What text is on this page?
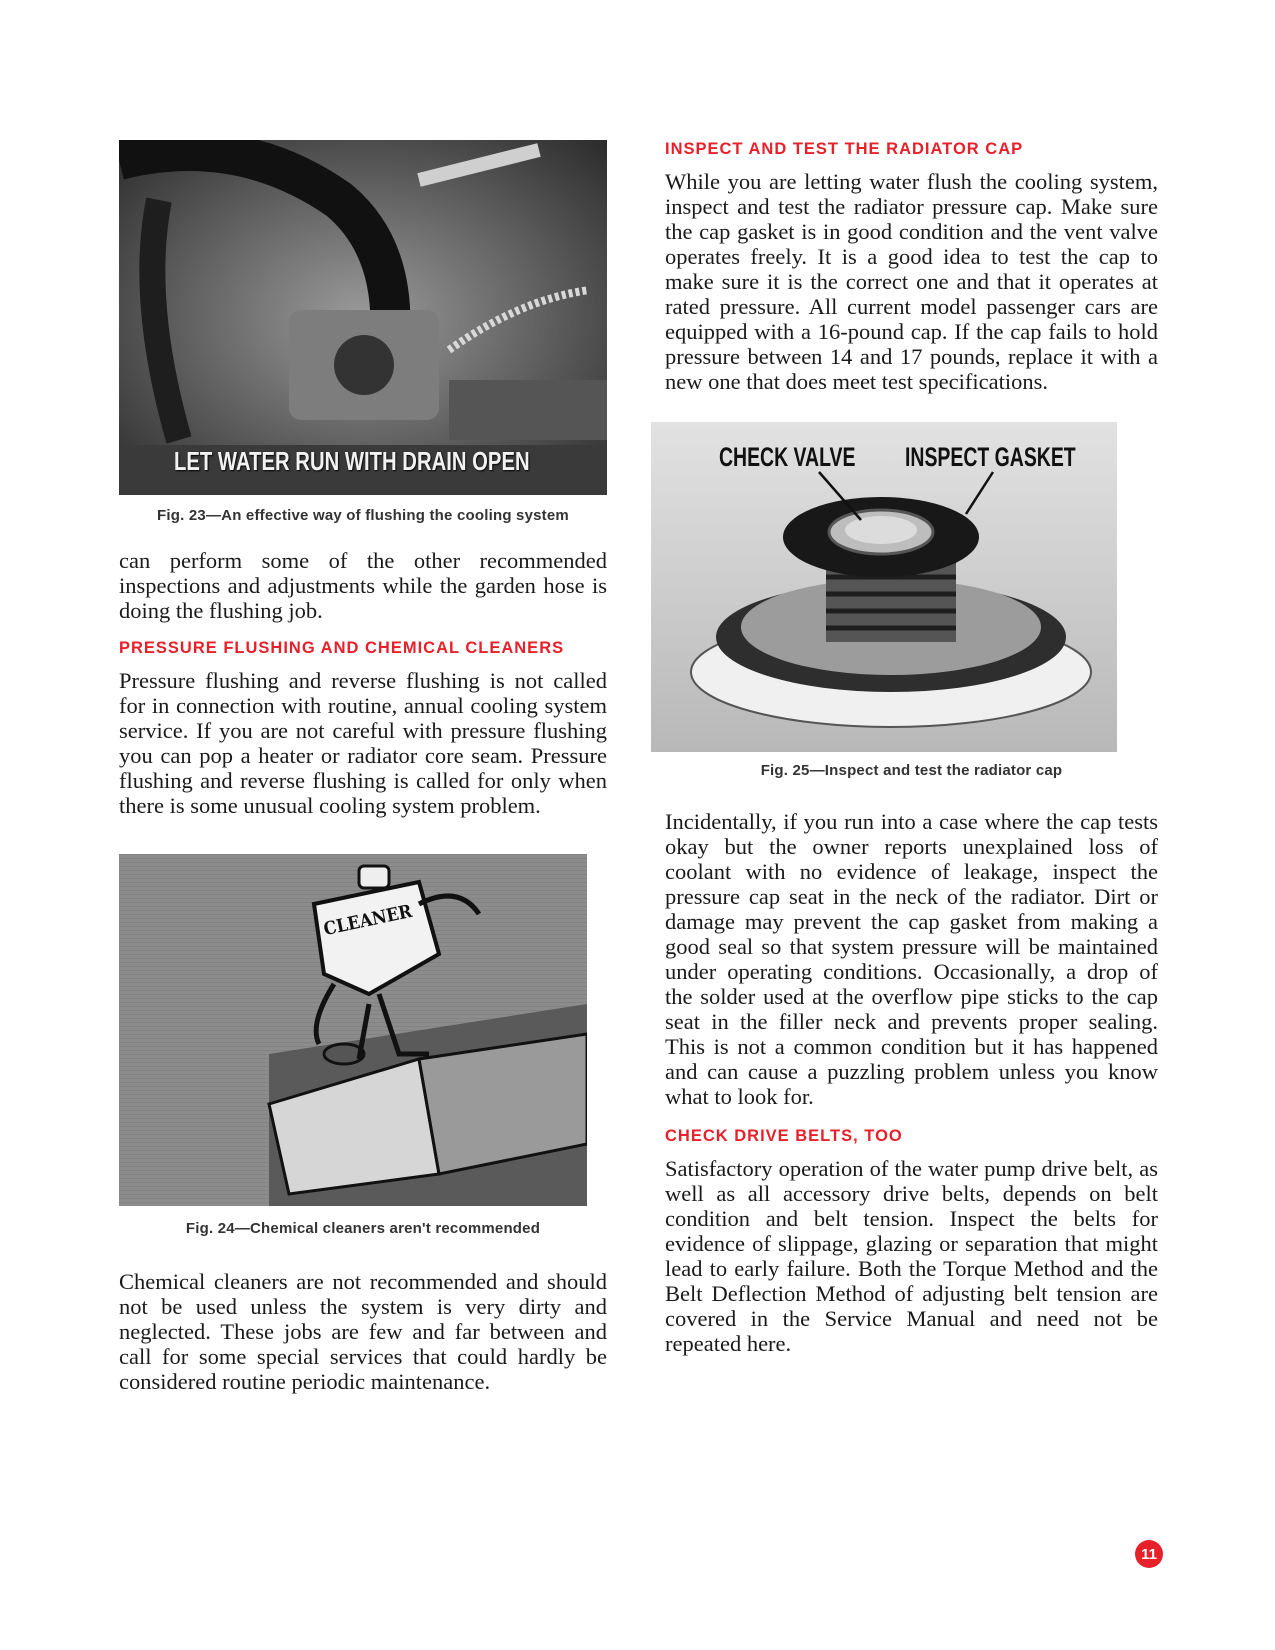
LET WATER RUN WITH DRAIN OPEN
Fig. 23—An effective way of flushing the cooling system

can perform some of the other recommended inspections and adjustments while the garden hose is doing the flushing job.

PRESSURE FLUSHING AND CHEMICAL CLEANERS

Pressure flushing and reverse flushing is not called for in connection with routine, annual cooling system service. If you are not careful with pressure flushing you can pop a heater or radiator core seam. Pressure flushing and reverse flushing is called for only when there is some unusual cooling system problem.

CLEANER
Fig. 24—Chemical cleaners aren't recommended

Chemical cleaners are not recommended and should not be used unless the system is very dirty and neglected. These jobs are few and far between and call for some special services that could hardly be considered routine periodic maintenance.

INSPECT AND TEST THE RADIATOR CAP

While you are letting water flush the cooling system, inspect and test the radiator pressure cap. Make sure the cap gasket is in good condition and the vent valve operates freely. It is a good idea to test the cap to make sure it is the correct one and that it operates at rated pressure. All current model passenger cars are equipped with a 16-pound cap. If the cap fails to hold pressure between 14 and 17 pounds, replace it with a new one that does meet test specifications.

CHECK VALVE INSPECT GASKET
Fig. 25—Inspect and test the radiator cap

Incidentally, if you run into a case where the cap tests okay but the owner reports unexplained loss of coolant with no evidence of leakage, inspect the pressure cap seat in the neck of the radiator. Dirt or damage may prevent the cap gasket from making a good seal so that system pressure will be maintained under operating conditions. Occasionally, a drop of the solder used at the overflow pipe sticks to the cap seat in the filler neck and prevents proper sealing. This is not a common condition but it has happened and can cause a puzzling problem unless you know what to look for.

CHECK DRIVE BELTS, TOO

Satisfactory operation of the water pump drive belt, as well as all accessory drive belts, depends on belt condition and belt tension. Inspect the belts for evidence of slippage, glazing or separation that might lead to early failure. Both the Torque Method and the Belt Deflection Method of adjusting belt tension are covered in the Service Manual and need not be repeated here.

11
